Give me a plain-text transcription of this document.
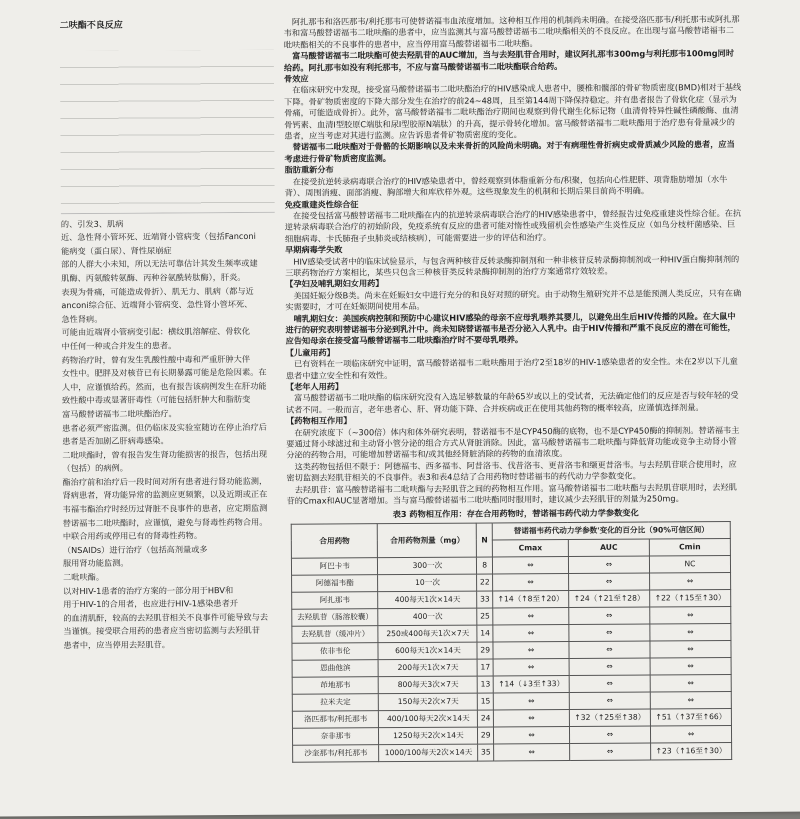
二呋酯不良反应

的、引发3、肌病

近、急性肾小管坏死、近端肾小管病变（包括Fanconi

能病变（蛋白尿）、肾性尿崩症

部的人群大小未知，所以无法可靠估计其发生频率或建

肌酶、丙氨酸转氨酶、丙种谷氨酰转肽酶），肝炎。

表现为骨痛，可能造成骨折）、肌无力、肌病（都与近

anconi综合征、近端肾小管病变、急性肾小管坏死、

急性肾病。

可能由近端肾小管病变引起：横纹肌溶解症、骨软化

中任何一种或合并发生的患者。

药物治疗时，曾有发生乳酸性酸中毒和严重肝肿大伴

女性中。肥胖及对核苷已有长期暴露可能是危险因素。在

人中，应谨慎给药。然而，也有报告该病例发生在肝功能

致性酸中毒或显著肝毒性（可能包括肝肿大和脂肪变

富马酸替诺福韦二吡呋酯治疗。

患者必须严密监测。但仍临床及实验室随访在停止治疗后

患者是否加剧乙肝病毒感染。

二吡呋酯时，曾有报告发生肾功能损害的报告，包括出现

（包括）的病例。

酯治疗前和治疗后一段时间对所有患者进行肾功能监测，

肾病患者，肾功能异常的监测应更频繁，以及近期或正在

韦福韦酯治疗时经历过肾脏不良事件的患者，应定期监测

替诺福韦二吡呋酯时，应谨慎，避免与肾毒性药物合用。

中联合用药或停用已有的肾毒性药物。

（NSAIDs）进行治疗（包括高剂量或多

服用肾功能监测。

二吡呋酯。

以对HIV-1患者的治疗方案的一部分用于HBV和

用于HIV-1的合用者，也应进行HIV-1感染患者开

的血清肌酐，较高的去羟肌苷相关不良事件可能导致与去

当谨慎。接受联合用药的患者应当密切监测与去羟肌苷

患者中，应当停用去羟肌苷。

阿扎那韦和洛匹那韦/利托那韦可使替诺福韦血浓度增加。这种相互作用的机制尚未明确。在接受洛匹那韦/利托那韦或阿扎那韦和富马酸替诺福韦二吡呋酯的患者中，应当监测其与富马酸替诺福韦二吡呋酯相关的不良反应。在出现与富马酸替诺福韦二吡呋酯相关的不良事件的患者中，应当停用富马酸替诺福韦二吡呋酯。

富马酸替诺福韦二吡呋酯可使去羟肌苷的AUC增加，当与去羟肌苷合用时，建议阿扎那韦300mg与利托那韦100mg同时给药。阿扎那韦如没有利托那韦，不应与富马酸替诺福韦二吡呋酯联合给药。

骨效应

在临床研究中发现，接受富马酸替诺福韦二吡呋酯治疗的HIV感染成人患者中，腰椎和髋部的骨矿物质密度(BMD)相对于基线下降。骨矿物质密度的下降大部分发生在治疗的前24~48周，且至第144周下降保持稳定。并有患者报告了骨软化症（显示为骨痛，可能造成骨折）。此外，富马酸替诺福韦二吡呋酯治疗期间也观察到骨代谢生化标记物（血清骨特异性碱性磷酸酶、血清骨钙素、血清I型胶原C端肽和尿I型胶原N端肽）的升高，提示骨转化增加。富马酸替诺福韦二吡呋酯用于治疗患有骨量减少的患者，应当考虑对其进行监测。应告诉患者骨矿物质密度的变化。

替诺福韦二吡呋酯对于骨骼的长期影响以及未来骨折的风险尚未明确。对于有病理性骨折病史或骨质减少风险的患者，应当考虑进行骨矿物质密度监测。

脂肪重新分布

在接受抗逆转录病毒联合治疗的HIV感染患者中，曾经观察到体脂重新分布/积聚，包括向心性肥胖、项背脂肪增加（水牛背）、周围消瘦、面部消瘦、胸部增大和库欣样外观。这些现象发生的机制和长期后果目前尚不明确。

免疫重建炎性综合征

在接受包括富马酸替诺福韦二吡呋酯在内的抗逆转录病毒联合治疗的HIV感染患者中，曾经报告过免疫重建炎性综合征。在抗逆转录病毒联合治疗的初始阶段，免疫系统有反应的患者可能对惰性或残留机会性感染产生炎性反应（如鸟分枝杆菌感染、巨细胞病毒、卡氏肺孢子虫肺炎或结核病），可能需要进一步的评估和治疗。

早期病毒学失败

HIV感染受试者中的临床试验显示，与包含两种核苷反转录酶抑制剂和一种非核苷反转录酶抑制剂或一种HIV蛋白酶抑制剂的三联药物治疗方案相比，某些只包含三种核苷类反转录酶抑制剂的治疗方案通常疗效较差。

【孕妇及哺乳期妇女用药】

美国妊娠分级B类。尚未在妊娠妇女中进行充分的和良好对照的研究。由于动物生殖研究并不总是能预测人类反应，只有在确实需要时，才可在妊娠期间使用本品。

哺乳期妇女：美国疾病控制和预防中心建议HIV感染的母亲不应母乳喂养其婴儿，以避免出生后HIV传播的风险。在大鼠中进行的研究表明替诺福韦分泌到乳汁中。尚未知晓替诺福韦是否分泌入人乳中。由于HIV传播和严重不良反应的潜在可能性，应告知母亲在接受富马酸替诺福韦二吡呋酯治疗时不要母乳喂养。

【儿童用药】

已有资料在一项临床研究中证明，富马酸替诺福韦二吡呋酯用于治疗2至18岁的HIV-1感染患者的安全性。未在2岁以下儿童患者中建立安全性和有效性。

【老年人用药】

富马酸替诺福韦二吡呋酯的临床研究没有入选足够数量的年龄65岁或以上的受试者，无法确定他们的反应是否与较年轻的受试者不同。一般而言，老年患者心、肝、肾功能下降、合并疾病或正在使用其他药物的概率较高，应谨慎选择剂量。

【药物相互作用】

在研究浓度下（~300倍）体内和体外研究表明，替诺福韦不是CYP450酶的底物，也不是CYP450酶的抑制剂。替诺福韦主要通过肾小球滤过和主动肾小管分泌的组合方式从肾脏消除。因此，富马酸替诺福韦二吡呋酯与降低肾功能或竞争主动肾小管分泌的药物合用，可能增加替诺福韦和/或其他经肾脏消除的药物的血清浓度。

这类药物包括但不限于：阿德福韦、西多福韦、阿昔洛韦、伐昔洛韦、更昔洛韦和缬更昔洛韦。与去羟肌苷联合使用时，应密切监测去羟肌苷相关的不良事件。表3和表4总结了合用药物时替诺福韦的药代动力学参数变化。

去羟肌苷：富马酸替诺福韦二吡呋酯与去羟肌苷之间的药物相互作用。富马酸替诺福韦二吡呋酯与去羟肌苷联用时，去羟肌苷的Cmax和AUC显著增加。当与富马酸替诺福韦二吡呋酯同时服用时，建议减少去羟肌苷的剂量为250mg。

表3 药物相互作用：存在合用药物时，替诺福韦药代动力学参数变化
合用药物	合用药物剂量（mg）	N	替诺福韦药代动力学参数'变化的百分比（90%可信区间）		
			Cmax	AUC	Cmin
阿巴卡韦	300一次	8	⇔	⇔	NC
阿德福韦酯	10一次	22	⇔	⇔	⇔
阿扎那韦	400每天1次×14天	33	↑14（↑8至↑20）	↑24（↑21至↑28）	↑22（↑15至↑30）
去羟肌苷（肠溶胶囊）	400一次	25	⇔	⇔	⇔
去羟肌苷（缓冲片）	250或400每天1次×7天	14	⇔	⇔	⇔
依非韦伦	600每天1次×14天	29	⇔	⇔	⇔
恩曲他滨	200每天1次×7天	17	⇔	⇔	⇔
茚地那韦	800每天3次×7天	13	↑14（↓3至↑33）	⇔	⇔
拉米夫定	150每天2次×7天	15	⇔	⇔	⇔
洛匹那韦/利托那韦	400/100每天2次×14天	24	⇔	↑32（↑25至↑38）	↑51（↑37至↑66）
奈非那韦	1250每天2次×14天	29	⇔	⇔	⇔
沙奎那韦/利托那韦	1000/100每天2次×14天	35	⇔	⇔	↑23（↑16至↑30）
